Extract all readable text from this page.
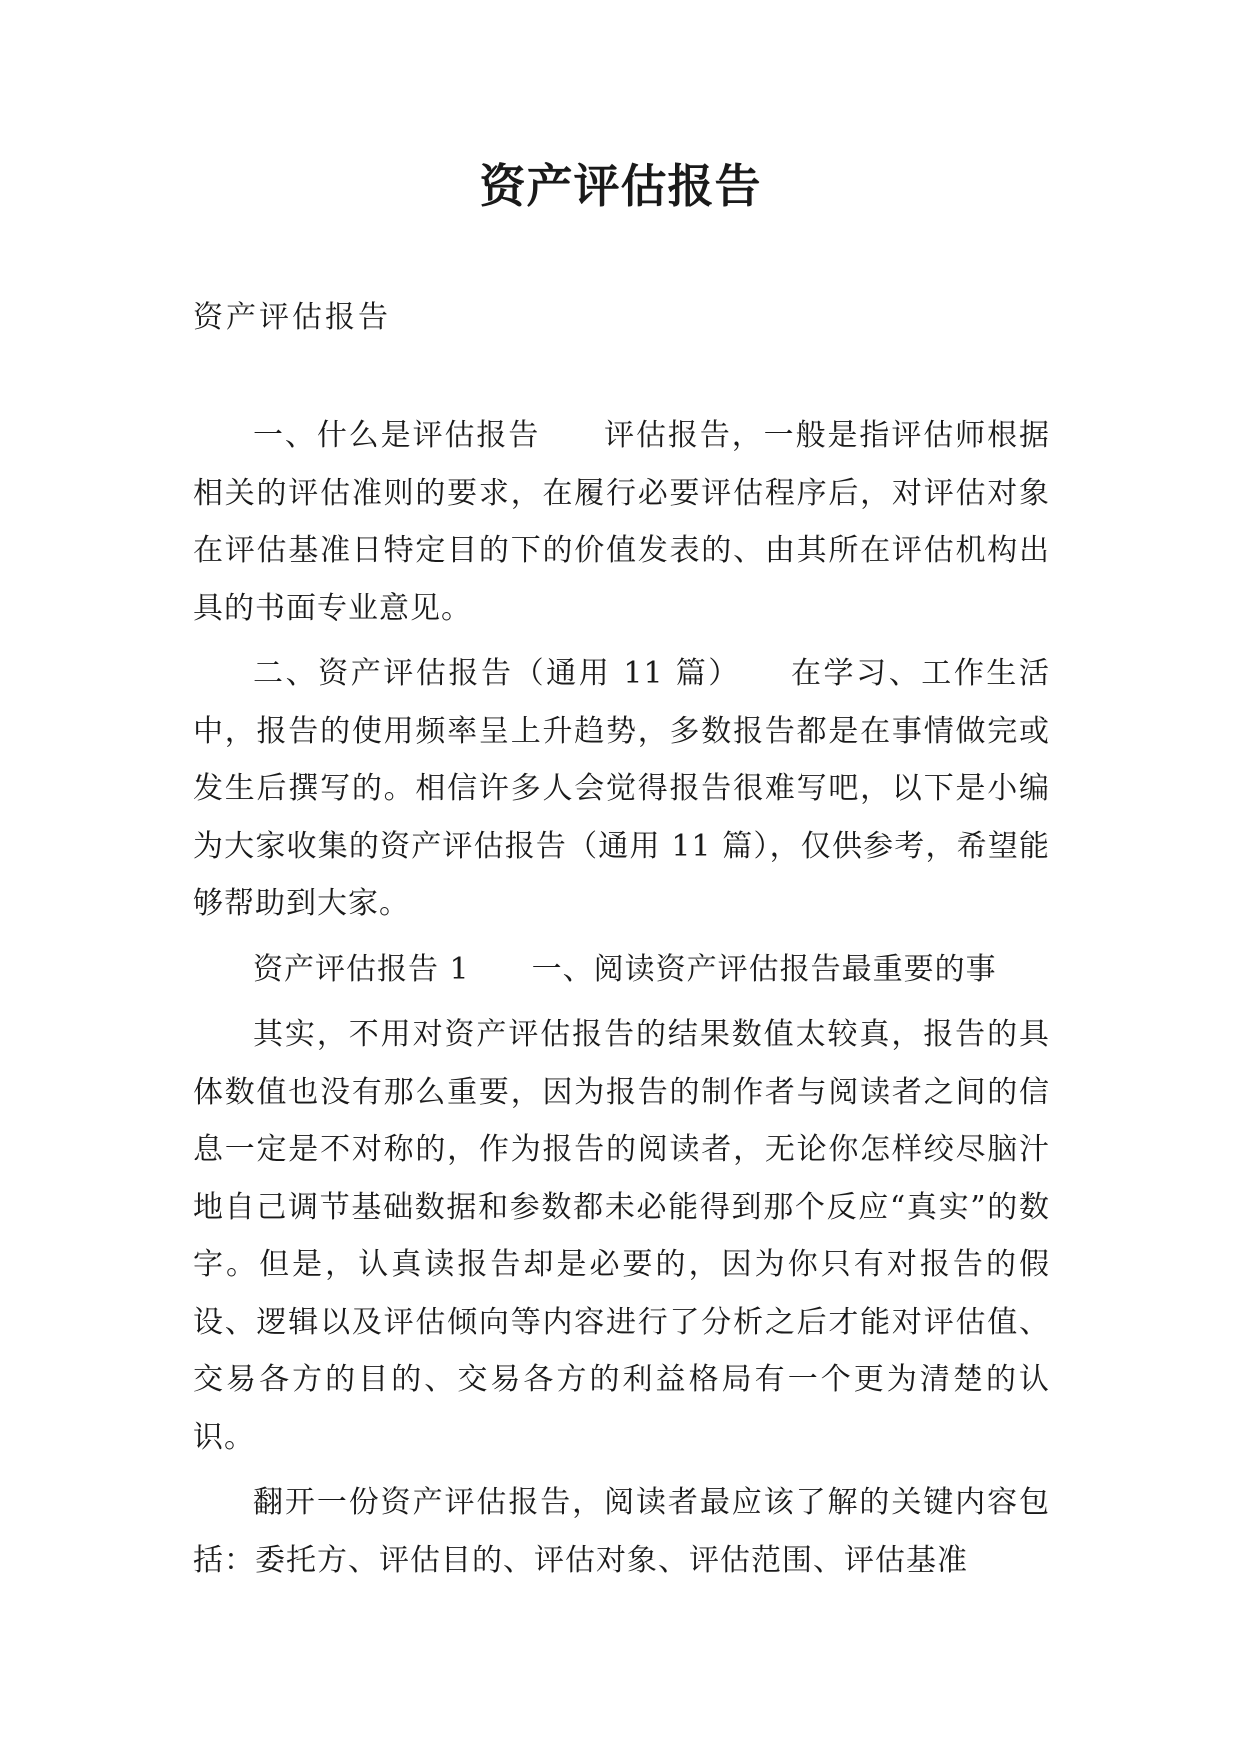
资产评估报告
资产评估报告

一、什么是评估报告　　评估报告，一般是指评估师根据相关的评估准则的要求，在履行必要评估程序后，对评估对象在评估基准日特定目的下的价值发表的、由其所在评估机构出具的书面专业意见。

二、资产评估报告（通用 11 篇）　　在学习、工作生活中，报告的使用频率呈上升趋势，多数报告都是在事情做完或发生后撰写的。相信许多人会觉得报告很难写吧，以下是小编为大家收集的资产评估报告（通用 11 篇），仅供参考，希望能够帮助到大家。

资产评估报告 1　　一、阅读资产评估报告最重要的事

其实，不用对资产评估报告的结果数值太较真，报告的具体数值也没有那么重要，因为报告的制作者与阅读者之间的信息一定是不对称的，作为报告的阅读者，无论你怎样绞尽脑汁地自己调节基础数据和参数都未必能得到那个反应“真实”的数字。但是，认真读报告却是必要的，因为你只有对报告的假设、逻辑以及评估倾向等内容进行了分析之后才能对评估值、交易各方的目的、交易各方的利益格局有一个更为清楚的认识。

翻开一份资产评估报告，阅读者最应该了解的关键内容包括：委托方、评估目的、评估对象、评估范围、评估基准
